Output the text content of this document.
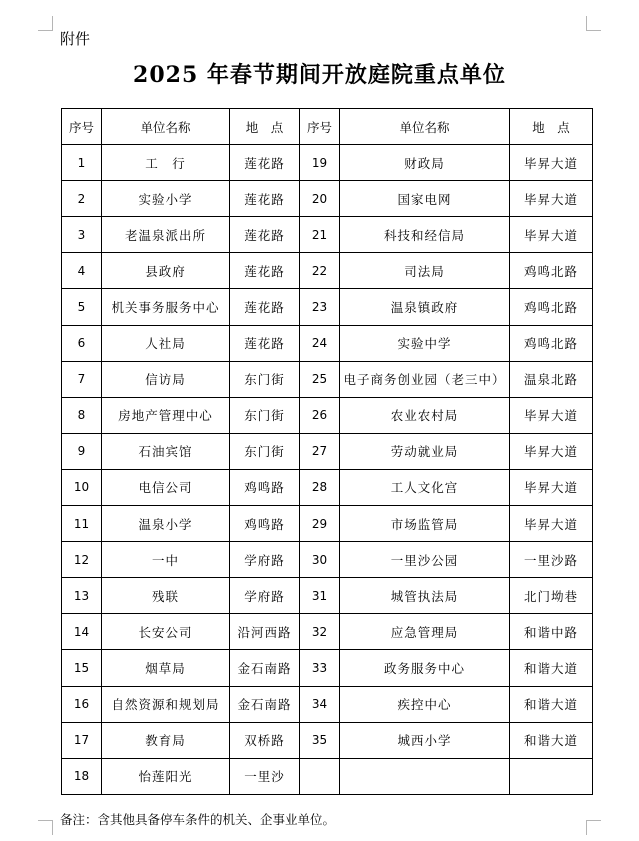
附件
2025 年春节期间开放庭院重点单位
序号	单位名称	地　点	序号	单位名称	地　点
1	工　行	莲花路	19	财政局	毕昇大道
2	实验小学	莲花路	20	国家电网	毕昇大道
3	老温泉派出所	莲花路	21	科技和经信局	毕昇大道
4	县政府	莲花路	22	司法局	鸡鸣北路
5	机关事务服务中心	莲花路	23	温泉镇政府	鸡鸣北路
6	人社局	莲花路	24	实验中学	鸡鸣北路
7	信访局	东门街	25	电子商务创业园（老三中）	温泉北路
8	房地产管理中心	东门街	26	农业农村局	毕昇大道
9	石油宾馆	东门街	27	劳动就业局	毕昇大道
10	电信公司	鸡鸣路	28	工人文化宫	毕昇大道
11	温泉小学	鸡鸣路	29	市场监管局	毕昇大道
12	一中	学府路	30	一里沙公园	一里沙路
13	残联	学府路	31	城管执法局	北门坳巷
14	长安公司	沿河西路	32	应急管理局	和谐中路
15	烟草局	金石南路	33	政务服务中心	和谐大道
16	自然资源和规划局	金石南路	34	疾控中心	和谐大道
17	教育局	双桥路	35	城西小学	和谐大道
18	怡莲阳光	一里沙			
备注：含其他具备停车条件的机关、企事业单位。
